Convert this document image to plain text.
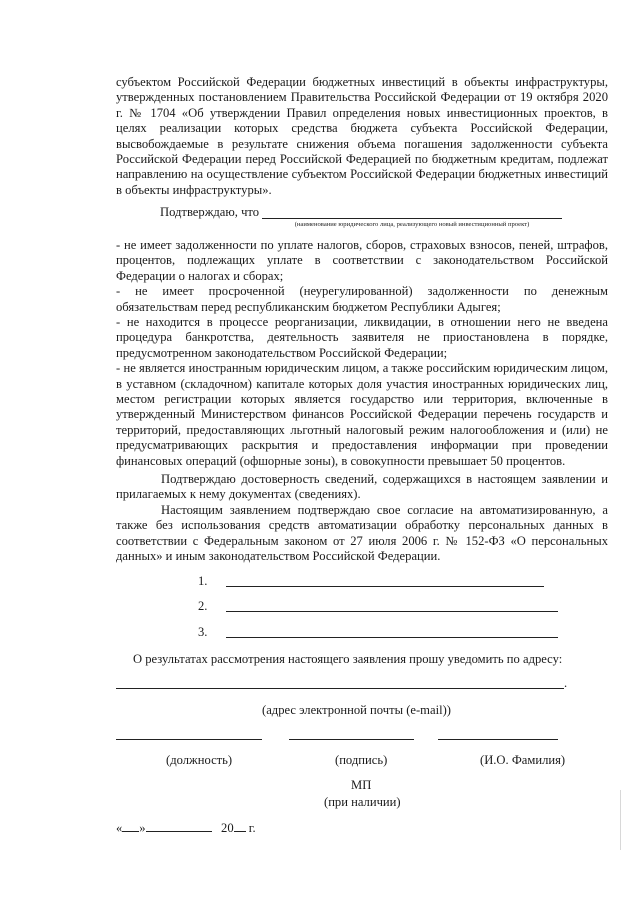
субъектом Российской Федерации бюджетных инвестиций в объекты инфраструктуры, утвержденных постановлением Правительства Российской Федерации от 19 октября 2020 г. № 1704 «Об утверждении Правил определения новых инвестиционных проектов, в целях реализации которых средства бюджета субъекта Российской Федерации, высвобождаемые в результате снижения объема погашения задолженности субъекта Российской Федерации перед Российской Федерацией по бюджетным кредитам, подлежат направлению на осуществление субъектом Российской Федерации бюджетных инвестиций в объекты инфраструктуры».
Подтверждаю, что
(наименование юридического лица, реализующего новый инвестиционный проект)

- не имеет задолженности по уплате налогов, сборов, страховых взносов, пеней, штрафов, процентов, подлежащих уплате в соответствии с законодательством Российской Федерации о налогах и сборах;

- не имеет просроченной (неурегулированной) задолженности по денежным обязательствам перед республиканским бюджетом Республики Адыгея;

- не находится в процессе реорганизации, ликвидации, в отношении него не введена процедура банкротства, деятельность заявителя не приостановлена в порядке, предусмотренном законодательством Российской Федерации;

- не является иностранным юридическим лицом, а также российским юридическим лицом, в уставном (складочном) капитале которых доля участия иностранных юридических лиц, местом регистрации которых является государство или территория, включенные в утвержденный Министерством финансов Российской Федерации перечень государств и территорий, предоставляющих льготный налоговый режим налогообложения и (или) не предусматривающих раскрытия и предоставления информации при проведении финансовых операций (офшорные зоны), в совокупности превышает 50 процентов.

Подтверждаю достоверность сведений, содержащихся в настоящем заявлении и прилагаемых к нему документах (сведениях).

Настоящим заявлением подтверждаю свое согласие на автоматизированную, а также без использования средств автоматизации обработку персональных данных в соответствии с Федеральным законом от 27 июля 2006 г. № 152-ФЗ «О персональных данных» и иным законодательством Российской Федерации.

1.
2.
3.
О результатах рассмотрения настоящего заявления прошу уведомить по адресу:
.
(адрес электронной почты (e-mail))
(должность)	(подпись)	(И.О. Фамилия)
МП
(при наличии)
« »	20 г.
